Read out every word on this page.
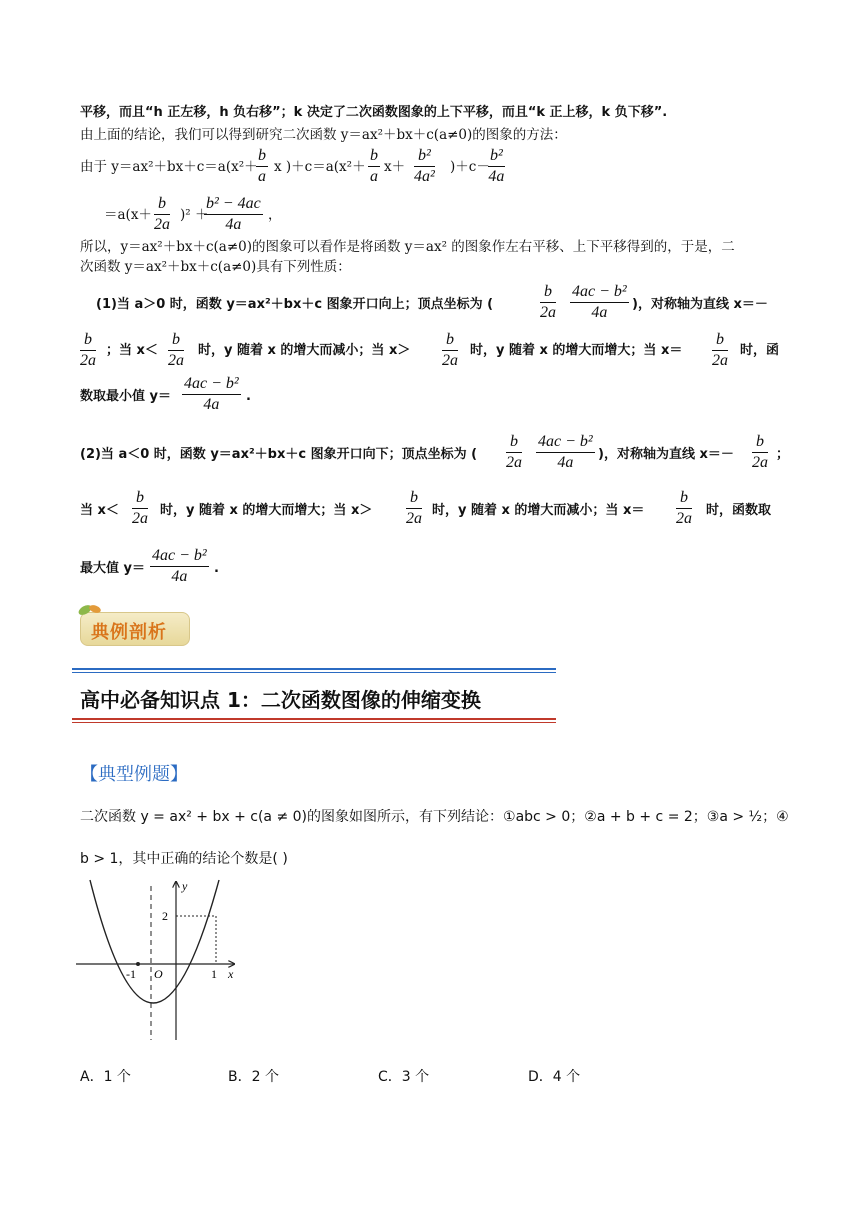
平移，而且“h 正左移，h 负右移”；k 决定了二次函数图象的上下平移，而且“k 正上移，k 负下移”.
由上面的结论，我们可以得到研究二次函数 y＝ax²＋bx＋c(a≠0)的图象的方法：
由于 y＝ax²＋bx＋c＝a(x²＋
$\frac{b}{a}$ x )$+c=a(x^2+ \frac{b}{a} x+ \frac{\text{b²}}{\text{4a²}} )+c-$
$\frac{\text{b²}}{4a}$
$=a(x+ \frac{b}{2a} )^2$ ＋
$\frac{\text{b² − 4ac}}{4a}$ ，
所以，y＝ax²＋bx＋c(a≠0)的图象可以看作是将函数 y＝ax² 的图象作左右平移、上下平移得到的，于是，二
次函数 y＝ax²＋bx＋c(a≠0)具有下列性质：
(1)当 a＞0 时，函数 y＝ax²＋bx＋c 图象开口向上；顶点坐标为 (	$\frac{b}{2a} \frac{\text{4ac − b²}}{4a}$ )，对称轴为直线 x＝－
$\frac{b}{2a}$ ；当 $x< \frac{b}{2a}$ 时，y 随着 x 的增大而减小；当 $x> \frac{b}{2a}$ 时，y 随着 x 的增大而增大；当 $x= \frac{b}{2a}$ 时，函
数取最小值 $y= \frac{\text{4ac − b²}}{4a}$ .
(2)当 a＜0 时，函数 y＝ax²＋bx＋c 图象开口向下；顶点坐标为 ( $\frac{b}{2a} \frac{\text{4ac − b²}}{4a}$ )，对称轴为直线 $x=- \frac{b}{2a}$ ；
当 $x< \frac{b}{2a}$ 时，y 随着 x 的增大而增大；当 $x> \frac{b}{2a}$ 时，y 随着 x 的增大而减小；当 $x= \frac{b}{2a}$ 时，函数取
最大值 $y= \frac{\text{4ac − b²}}{4a}$ .
典例剖析
高中必备知识点 1：二次函数图像的伸缩变换
【典型例题】
二次函数 y = ax² + bx + c(a ≠ 0)的图象如图所示，有下列结论：①abc > 0；②a + b + c = 2；③a > ½；④
b > 1，其中正确的结论个数是( )
y
x
O
-1	1
2
A．1 个	B．2 个	C．3 个	D．4 个
